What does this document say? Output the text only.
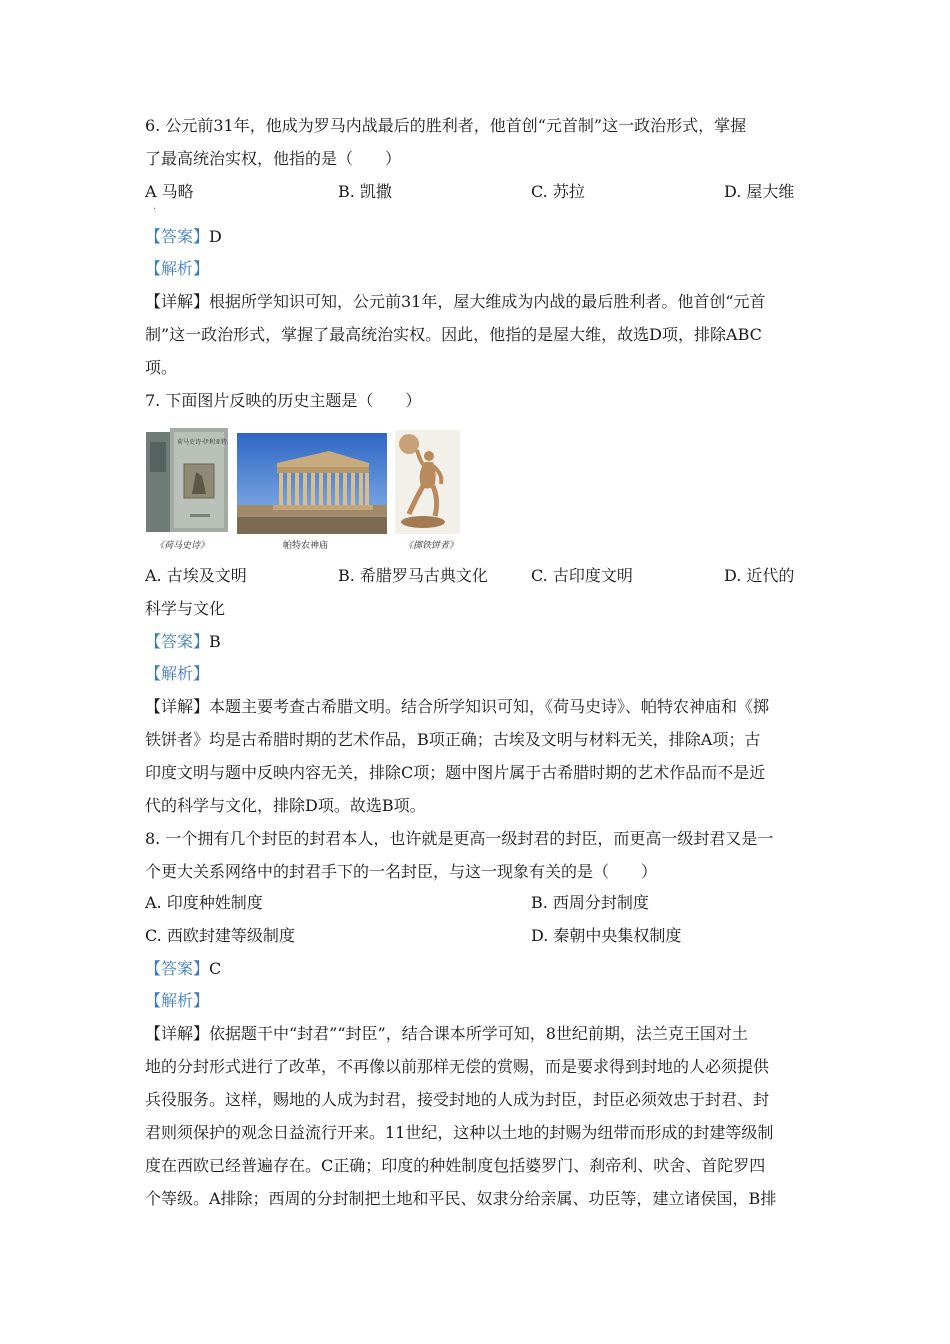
6. 公元前31年，他成为罗马内战最后的胜利者，他首创“元首制”这一政治形式，掌握
了最高统治实权，他指的是（　　）
A 马略	B. 凯撒	C. 苏拉	D. 屋大维
·
【答案】D
【解析】
【详解】根据所学知识可知，公元前31年，屋大维成为内战的最后胜利者。他首创“元首
制”这一政治形式，掌握了最高统治实权。因此，他指的是屋大维，故选D项，排除ABC
项。
7. 下面图片反映的历史主题是（　　）
荷马史诗·伊利亚特
《荷马史诗》	帕特农神庙	《掷铁饼者》
A. 古埃及文明	B. 希腊罗马古典文化	C. 古印度文明	D. 近代的
科学与文化
【答案】B
【解析】
【详解】本题主要考查古希腊文明。结合所学知识可知，《荷马史诗》、帕特农神庙和《掷
铁饼者》均是古希腊时期的艺术作品，B项正确；古埃及文明与材料无关，排除A项；古
印度文明与题中反映内容无关，排除C项；题中图片属于古希腊时期的艺术作品而不是近
代的科学与文化，排除D项。故选B项。
8. 一个拥有几个封臣的封君本人，也许就是更高一级封君的封臣，而更高一级封君又是一
个更大关系网络中的封君手下的一名封臣，与这一现象有关的是（　　）
A. 印度种姓制度	B. 西周分封制度
C. 西欧封建等级制度	D. 秦朝中央集权制度
【答案】C
【解析】
【详解】依据题干中“封君”“封臣”，结合课本所学可知，8世纪前期，法兰克王国对土
地的分封形式进行了改革，不再像以前那样无偿的赏赐，而是要求得到封地的人必须提供
兵役服务。这样，赐地的人成为封君，接受封地的人成为封臣，封臣必须效忠于封君、封
君则须保护的观念日益流行开来。11世纪，这种以土地的封赐为纽带而形成的封建等级制
度在西欧已经普遍存在。C正确；印度的种姓制度包括婆罗门、刹帝利、吠舍、首陀罗四
个等级。A排除；西周的分封制把土地和平民、奴隶分给亲属、功臣等，建立诸侯国，B排
